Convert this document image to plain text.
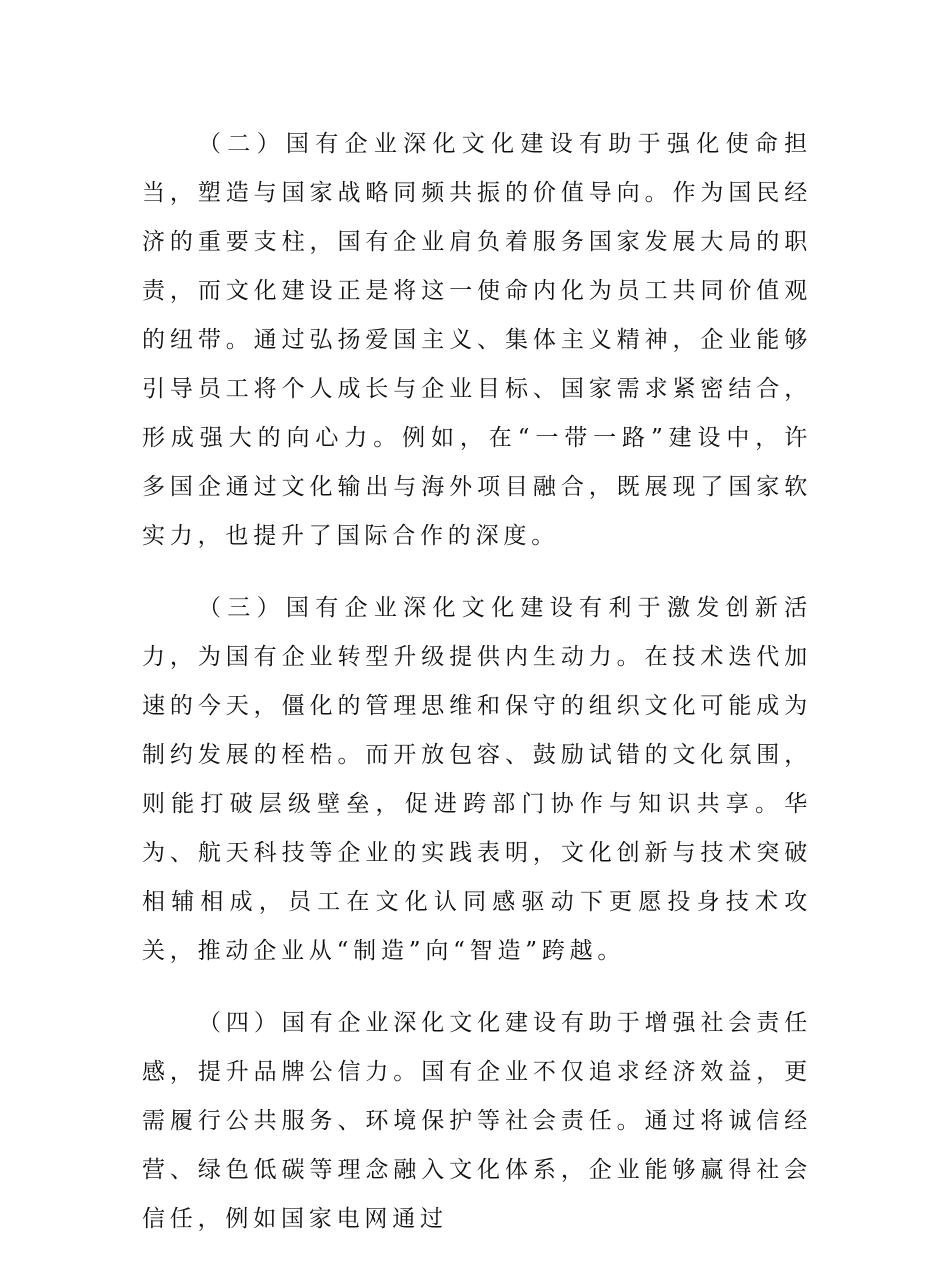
（二）国有企业深化文化建设有助于强化使命担当，塑造与国家战略同频共振的价值导向。作为国民经济的重要支柱，国有企业肩负着服务国家发展大局的职责，而文化建设正是将这一使命内化为员工共同价值观的纽带。通过弘扬爱国主义、集体主义精神，企业能够引导员工将个人成长与企业目标、国家需求紧密结合，形成强大的向心力。例如，在“一带一路”建设中，许多国企通过文化输出与海外项目融合，既展现了国家软实力，也提升了国际合作的深度。

（三）国有企业深化文化建设有利于激发创新活力，为国有企业转型升级提供内生动力。在技术迭代加速的今天，僵化的管理思维和保守的组织文化可能成为制约发展的桎梏。而开放包容、鼓励试错的文化氛围，则能打破层级壁垒，促进跨部门协作与知识共享。华为、航天科技等企业的实践表明，文化创新与技术突破相辅相成，员工在文化认同感驱动下更愿投身技术攻关，推动企业从“制造”向“智造”跨越。

（四）国有企业深化文化建设有助于增强社会责任感，提升品牌公信力。国有企业不仅追求经济效益，更需履行公共服务、环境保护等社会责任。通过将诚信经营、绿色低碳等理念融入文化体系，企业能够赢得社会信任，例如国家电网通过
